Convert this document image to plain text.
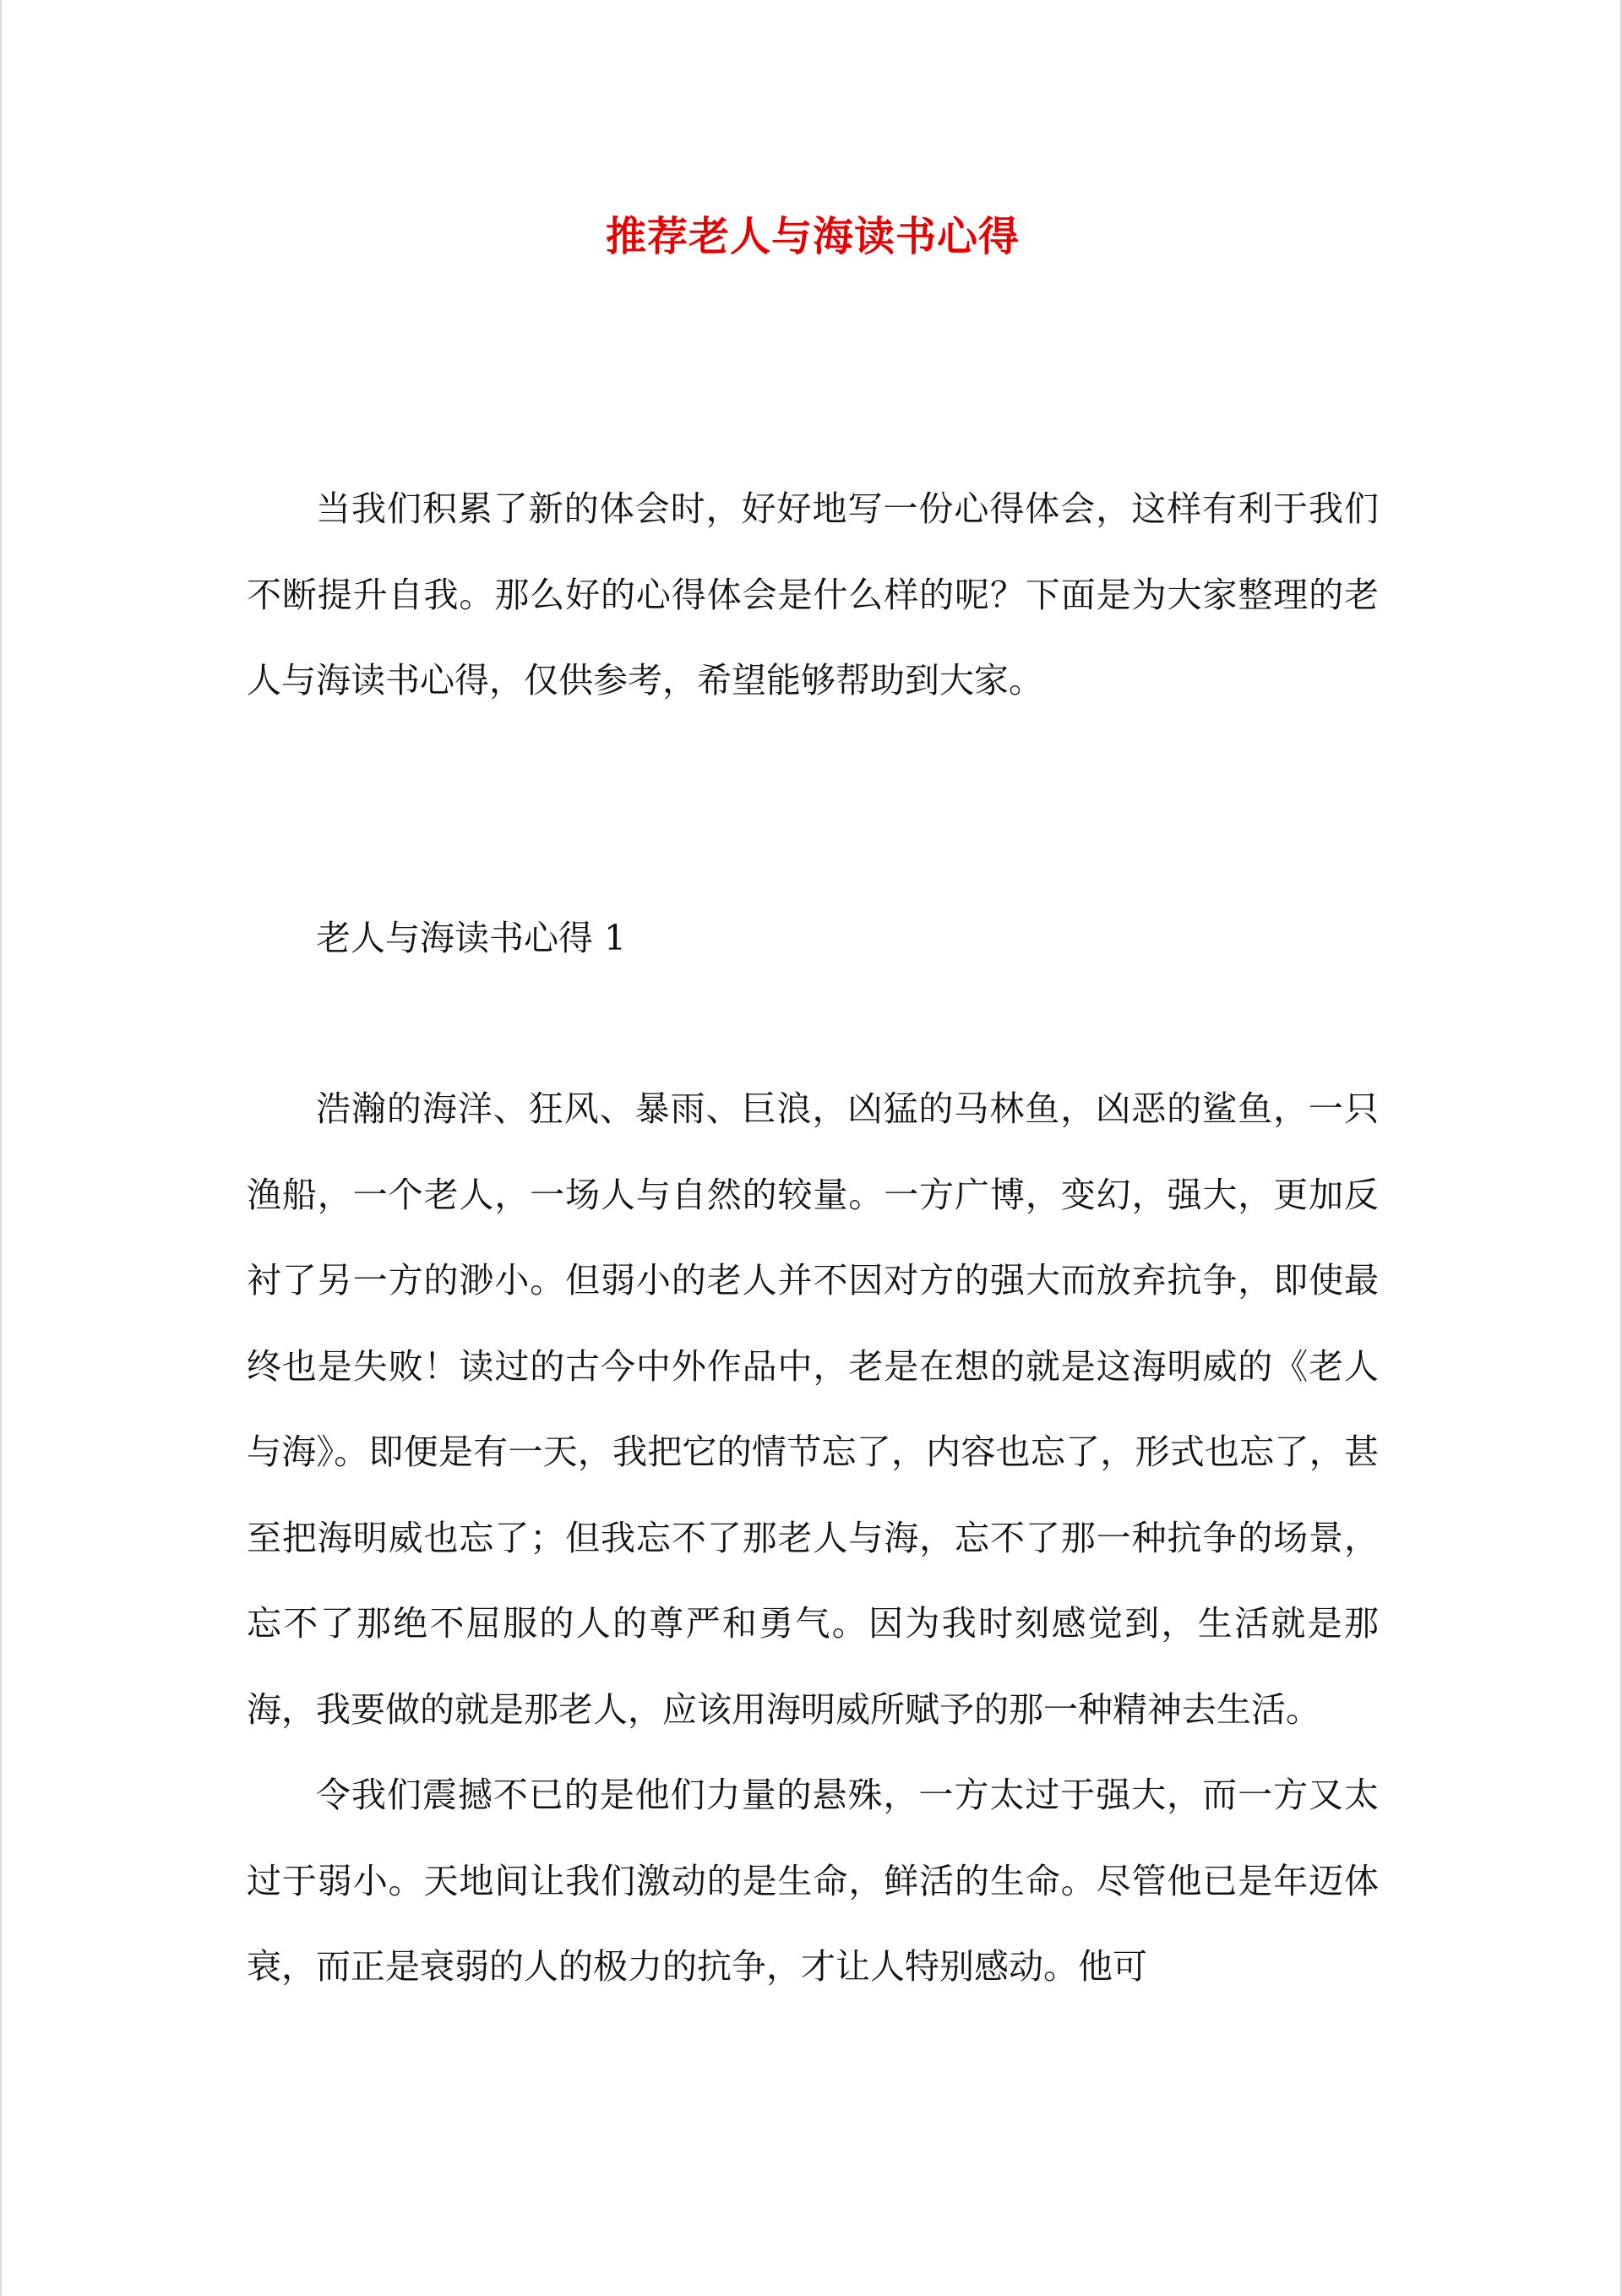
推荐老人与海读书心得

当我们积累了新的体会时，好好地写一份心得体会，这样有利于我们不断提升自我。那么好的心得体会是什么样的呢？下面是为大家整理的老人与海读书心得，仅供参考，希望能够帮助到大家。

老人与海读书心得 1

浩瀚的海洋、狂风、暴雨、巨浪，凶猛的马林鱼，凶恶的鲨鱼，一只渔船，一个老人，一场人与自然的较量。一方广博，变幻，强大，更加反衬了另一方的渺小。但弱小的老人并不因对方的强大而放弃抗争，即使最终也是失败！读过的古今中外作品中，老是在想的就是这海明威的《老人与海》。即便是有一天，我把它的情节忘了，内容也忘了，形式也忘了，甚至把海明威也忘了；但我忘不了那老人与海，忘不了那一种抗争的场景，忘不了那绝不屈服的人的尊严和勇气。因为我时刻感觉到，生活就是那海，我要做的就是那老人，应该用海明威所赋予的那一种精神去生活。

令我们震撼不已的是他们力量的悬殊，一方太过于强大，而一方又太过于弱小。天地间让我们激动的是生命，鲜活的生命。尽管他已是年迈体衰，而正是衰弱的人的极力的抗争，才让人特别感动。他可
